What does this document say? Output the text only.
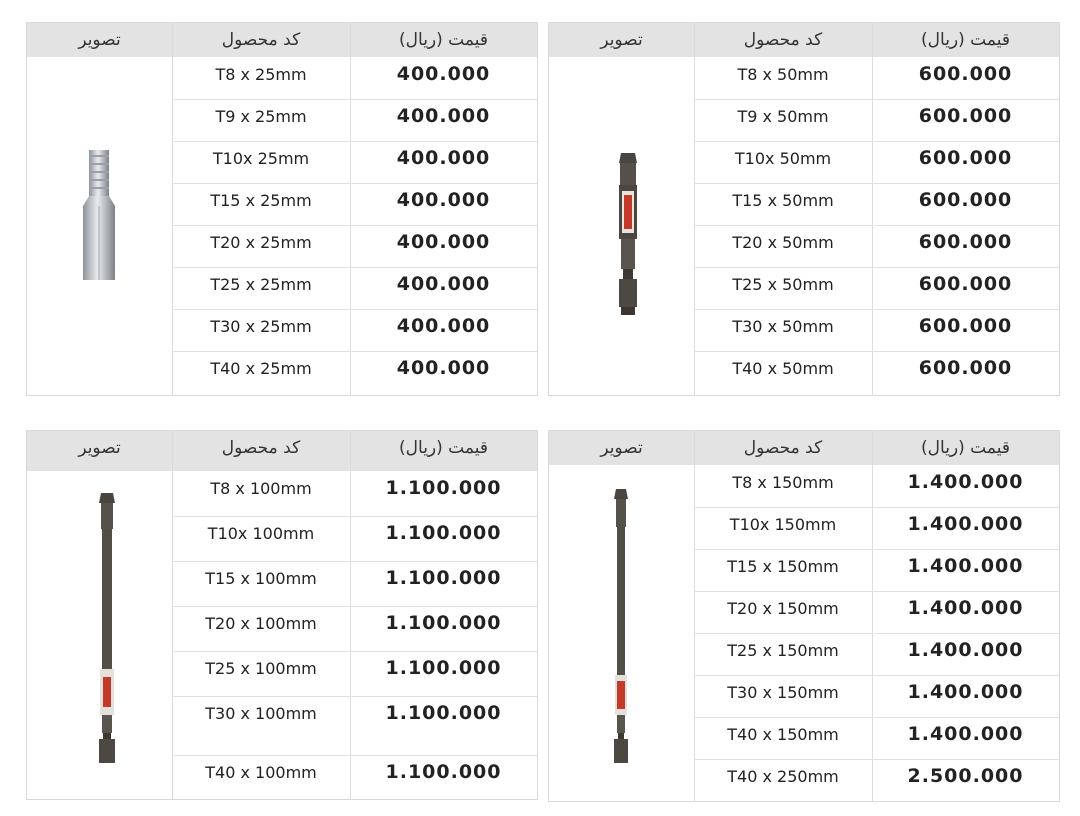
تصویر	کد محصول	قیمت (ریال)
T8 x 25mm	400.000
T9 x 25mm	400.000
T10x 25mm	400.000
T15 x 25mm	400.000
T20 x 25mm	400.000
T25 x 25mm	400.000
T30 x 25mm	400.000
T40 x 25mm	400.000
تصویر	کد محصول	قیمت (ریال)
T8 x 50mm	600.000
T9 x 50mm	600.000
T10x 50mm	600.000
T15 x 50mm	600.000
T20 x 50mm	600.000
T25 x 50mm	600.000
T30 x 50mm	600.000
T40 x 50mm	600.000
تصویر	کد محصول	قیمت (ریال)
T8 x 100mm	1.100.000
T10x 100mm	1.100.000
T15 x 100mm	1.100.000
T20 x 100mm	1.100.000
T25 x 100mm	1.100.000
T30 x 100mm	1.100.000
T40 x 100mm	1.100.000
تصویر	کد محصول	قیمت (ریال)
T8 x 150mm	1.400.000
T10x 150mm	1.400.000
T15 x 150mm	1.400.000
T20 x 150mm	1.400.000
T25 x 150mm	1.400.000
T30 x 150mm	1.400.000
T40 x 150mm	1.400.000
T40 x 250mm	2.500.000
